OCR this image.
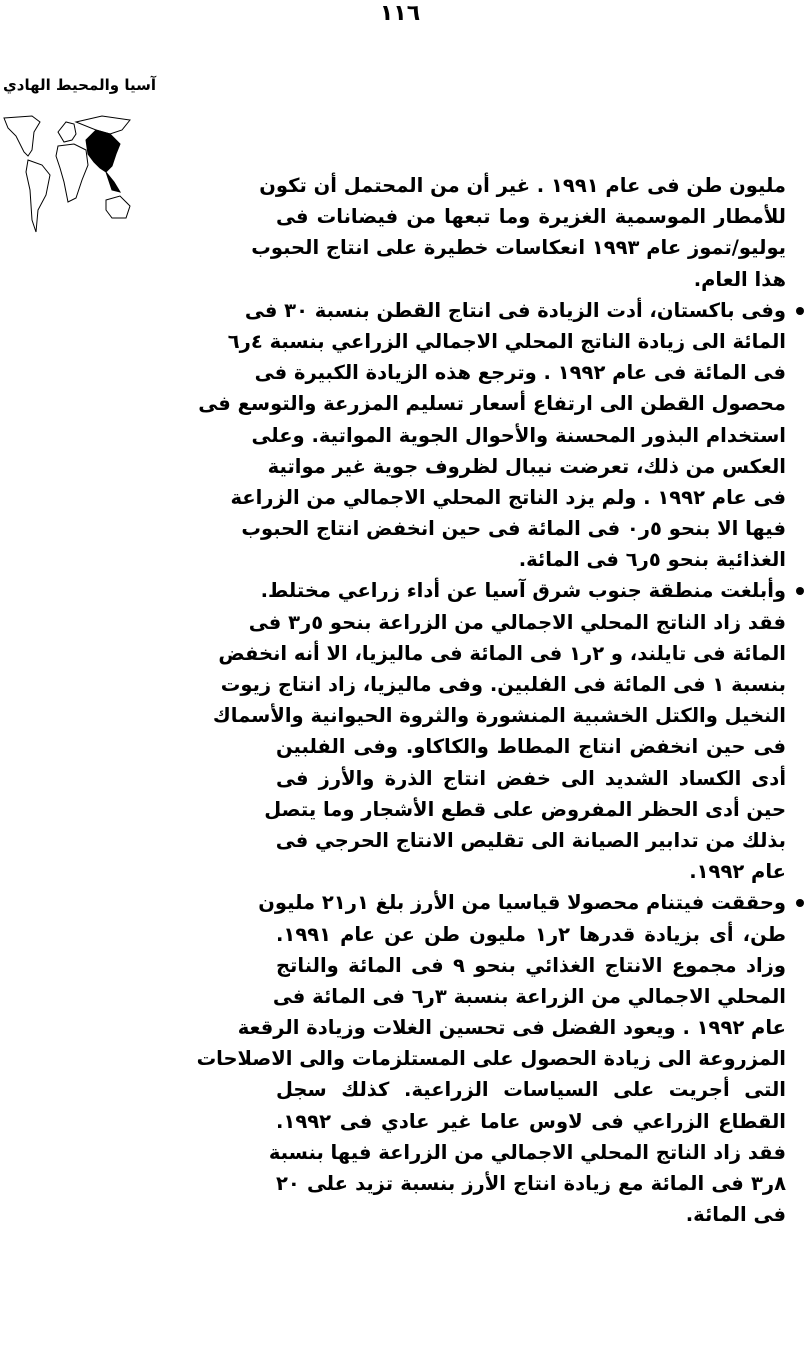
١١٦
آسيا والمحيط الهادي
مليون طن فى عام ١٩٩١ . غير أن من المحتمل أن تكون
للأمطار الموسمية الغزيرة وما تبعها من فيضانات فى
يوليو/تموز عام ١٩٩٣ انعكاسات خطيرة على انتاج الحبوب
هذا العام.
وفى باكستان، أدت الزيادة فى انتاج القطن بنسبة ٣٠ فى
المائة الى زيادة الناتج المحلي الاجمالي الزراعي بنسبة ٤ر٦
فى المائة فى عام ١٩٩٢ . وترجع هذه الزيادة الكبيرة فى
محصول القطن الى ارتفاع أسعار تسليم المزرعة والتوسع فى
استخدام البذور المحسنة والأحوال الجوية المواتية. وعلى
العكس من ذلك، تعرضت نيبال لظروف جوية غير مواتية
فى عام ١٩٩٢ . ولم يزد الناتج المحلي الاجمالي من الزراعة
فيها الا بنحو ٥ر٠ فى المائة فى حين انخفض انتاج الحبوب
الغذائية بنحو ٥ر٦ فى المائة.
وأبلغت منطقة جنوب شرق آسيا عن أداء زراعي مختلط.
فقد زاد الناتج المحلي الاجمالي من الزراعة بنحو ٥ر٣ فى
المائة فى تايلند، و ٢ر١ فى المائة فى ماليزيا، الا أنه انخفض
بنسبة ١ فى المائة فى الفلبين. وفى ماليزيا، زاد انتاج زيوت
النخيل والكتل الخشبية المنشورة والثروة الحيوانية والأسماك
فى حين انخفض انتاج المطاط والكاكاو. وفى الفلبين
أدى الكساد الشديد الى خفض انتاج الذرة والأرز فى
حين أدى الحظر المفروض على قطع الأشجار وما يتصل
بذلك من تدابير الصيانة الى تقليص الانتاج الحرجي فى
عام ١٩٩٢.
وحققت فيتنام محصولا قياسيا من الأرز بلغ ١ر٢١ مليون
طن، أى بزيادة قدرها ٢ر١ مليون طن عن عام ١٩٩١.
وزاد مجموع الانتاج الغذائي بنحو ٩ فى المائة والناتج
المحلي الاجمالي من الزراعة بنسبة ٣ر٦ فى المائة فى
عام ١٩٩٢ . ويعود الفضل فى تحسين الغلات وزيادة الرقعة
المزروعة الى زيادة الحصول على المستلزمات والى الاصلاحات
التى أجريت على السياسات الزراعية. كذلك سجل
القطاع الزراعي فى لاوس عاما غير عادي فى ١٩٩٢.
فقد زاد الناتج المحلي الاجمالي من الزراعة فيها بنسبة
٨ر٣ فى المائة مع زيادة انتاج الأرز بنسبة تزيد على ٢٠
فى المائة.
